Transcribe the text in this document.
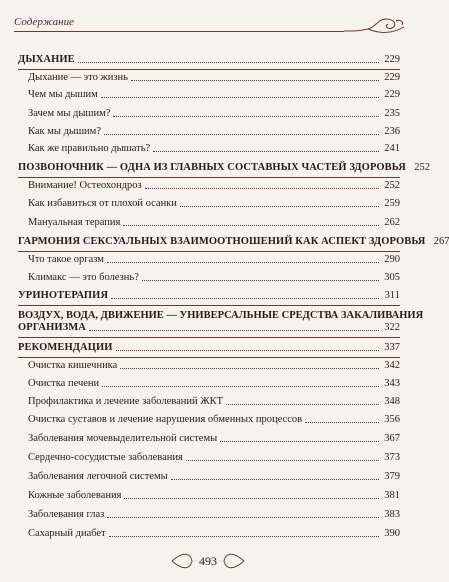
Содержание
ДЫХАНИЕ	229
Дыхание — это жизнь	229
Чем мы дышим	229
Зачем мы дышим?	235
Как мы дышим?	236
Как же правильно дышать?	241
ПОЗВОНОЧНИК — ОДНА ИЗ ГЛАВНЫХ СОСТАВНЫХ ЧАСТЕЙ ЗДОРОВЬЯ 252
Внимание! Остеохондроз	252
Как избавиться от плохой осанки	259
Мануальная терапия	262
ГАРМОНИЯ СЕКСУАЛЬНЫХ ВЗАИМООТНОШЕНИЙ КАК АСПЕКТ ЗДОРОВЬЯ 267
Что такое оргазм	290
Климакс — это болезнь?	305
УРИНОТЕРАПИЯ	311
ВОЗДУХ, ВОДА, ДВИЖЕНИЕ — УНИВЕРСАЛЬНЫЕ СРЕДСТВА ЗАКАЛИВАНИЯ
ОРГАНИЗМА	322
РЕКОМЕНДАЦИИ	337
Очистка кишечника	342
Очистка печени	343
Профилактика и лечение заболеваний ЖКТ	348
Очистка суставов и лечение нарушения обменных процессов	356
Заболевания мочевыделительной системы	367
Сердечно-сосудистые заболевания	373
Заболевания легочной системы	379
Кожные заболевания	381
Заболевания глаз	383
Сахарный диабет	390
493
